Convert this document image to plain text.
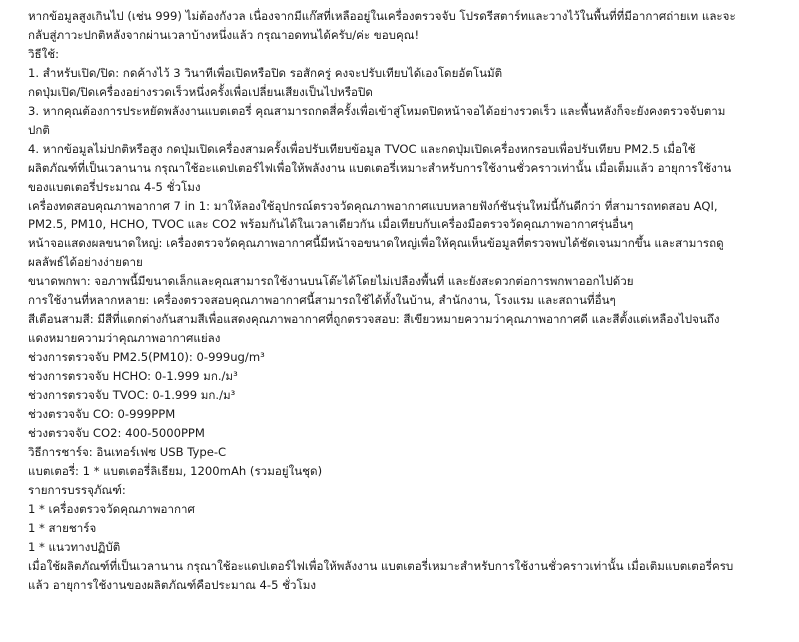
หากข้อมูลสูงเกินไป (เช่น 999) ไม่ต้องกังวล เนื่องจากมีแก๊สที่เหลืออยู่ในเครื่องตรวจจับ โปรดรีสตาร์ทและวางไว้ในพื้นที่ที่มีอากาศถ่ายเท และจะ
กลับสู่ภาวะปกติหลังจากผ่านเวลาบ้างหนึ่งแล้ว กรุณาอดทนได้ครับ/ค่ะ ขอบคุณ!
วิธีใช้:
1. สำหรับเปิด/ปิด: กดค้างไว้ 3 วินาทีเพื่อเปิดหรือปิด รอสักครู่ คงจะปรับเทียบได้เองโดยอัตโนมัติ
กดปุ่มเปิด/ปิดเครื่องอย่างรวดเร็วหนึ่งครั้งเพื่อเปลี่ยนเสียงเป็นไปหรือปิด
3. หากคุณต้องการประหยัดพลังงานแบตเตอรี่ คุณสามารถกดสี่ครั้งเพื่อเข้าสู่โหมดปิดหน้าจอได้อย่างรวดเร็ว และพื้นหลังก็จะยังคงตรวจจับตาม
ปกติ
4. หากข้อมูลไม่ปกติหรือสูง กดปุ่มเปิดเครื่องสามครั้งเพื่อปรับเทียบข้อมูล TVOC และกดปุ่มเปิดเครื่องหกรอบเพื่อปรับเทียบ PM2.5 เมื่อใช้
ผลิตภัณฑ์ที่เป็นเวลานาน กรุณาใช้อะแดปเตอร์ไฟเพื่อให้พลังงาน แบตเตอรี่เหมาะสำหรับการใช้งานชั่วคราวเท่านั้น เมื่อเต็มแล้ว อายุการใช้งาน
ของแบตเตอรี่ประมาณ 4-5 ชั่วโมง
เครื่องทดสอบคุณภาพอากาศ 7 in 1: มาให้ลองใช้อุปกรณ์ตรวจวัดคุณภาพอากาศแบบหลายฟังก์ชันรุ่นใหม่นี้กันดีกว่า ที่สามารถทดสอบ AQI,
PM2.5, PM10, HCHO, TVOC และ CO2 พร้อมกันได้ในเวลาเดียวกัน เมื่อเทียบกับเครื่องมือตรวจวัดคุณภาพอากาศรุ่นอื่นๆ
หน้าจอแสดงผลขนาดใหญ่: เครื่องตรวจวัดคุณภาพอากาศนี้มีหน้าจอขนาดใหญ่เพื่อให้คุณเห็นข้อมูลที่ตรวจพบได้ชัดเจนมากขึ้น และสามารถดู
ผลลัพธ์ได้อย่างง่ายดาย
ขนาดพกพา: จอภาพนี้มีขนาดเล็กและคุณสามารถใช้งานบนโต๊ะได้โดยไม่เปลืองพื้นที่ และยังสะดวกต่อการพกพาออกไปด้วย
การใช้งานที่หลากหลาย: เครื่องตรวจสอบคุณภาพอากาศนี้สามารถใช้ได้ทั้งในบ้าน, สำนักงาน, โรงแรม และสถานที่อื่นๆ
สีเตือนสามสี: มีสีที่แตกต่างกันสามสีเพื่อแสดงคุณภาพอากาศที่ถูกตรวจสอบ: สีเขียวหมายความว่าคุณภาพอากาศดี และสีตั้งแต่เหลืองไปจนถึง
แดงหมายความว่าคุณภาพอากาศแย่ลง
ช่วงการตรวจจับ PM2.5(PM10): 0-999ug/m³
ช่วงการตรวจจับ HCHO: 0-1.999 มก./ม³
ช่วงการตรวจจับ TVOC: 0-1.999 มก./ม³
ช่วงตรวจจับ CO: 0-999PPM
ช่วงตรวจจับ CO2: 400-5000PPM
วิธีการชาร์จ: อินเทอร์เฟซ USB Type-C
แบตเตอรี่: 1 * แบตเตอรี่ลิเธียม, 1200mAh (รวมอยู่ในชุด)
รายการบรรจุภัณฑ์:
1 * เครื่องตรวจวัดคุณภาพอากาศ
1 * สายชาร์จ
1 * แนวทางปฏิบัติ
เมื่อใช้ผลิตภัณฑ์ที่เป็นเวลานาน กรุณาใช้อะแดปเตอร์ไฟเพื่อให้พลังงาน แบตเตอรี่เหมาะสำหรับการใช้งานชั่วคราวเท่านั้น เมื่อเติมแบตเตอรี่ครบ
แล้ว อายุการใช้งานของผลิตภัณฑ์คือประมาณ 4-5 ชั่วโมง
